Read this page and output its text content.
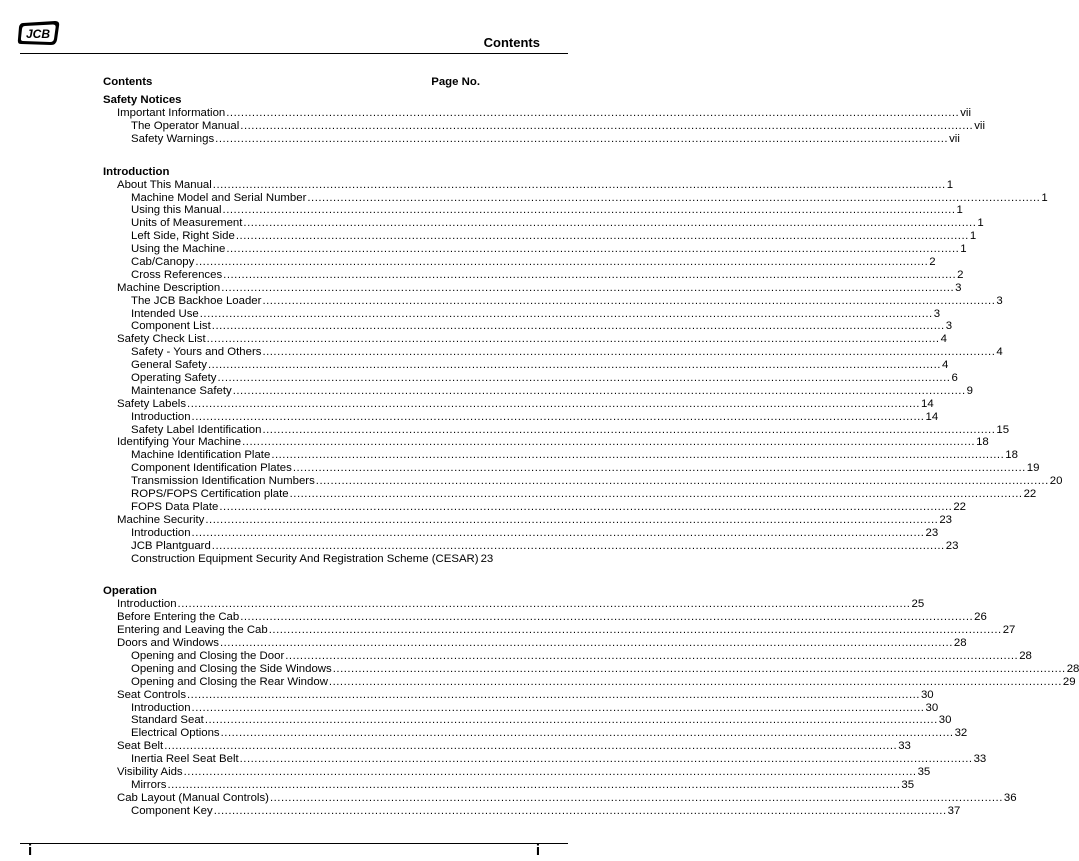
JCB
Contents
Contents	Page No.
Safety Notices
Important Information ........................................................................................................................................................................................................ vii
The Operator Manual ........................................................................................................................................................................................................ vii
Safety Warnings ........................................................................................................................................................................................................ vii
Introduction
About This Manual ........................................................................................................................................................................................................ 1
Machine Model and Serial Number ........................................................................................................................................................................................................ 1
Using this Manual ........................................................................................................................................................................................................ 1
Units of Measurement ........................................................................................................................................................................................................ 1
Left Side, Right Side ........................................................................................................................................................................................................ 1
Using the Machine ........................................................................................................................................................................................................ 1
Cab/Canopy ........................................................................................................................................................................................................ 2
Cross References ........................................................................................................................................................................................................ 2
Machine Description ........................................................................................................................................................................................................ 3
The JCB Backhoe Loader ........................................................................................................................................................................................................ 3
Intended Use ........................................................................................................................................................................................................ 3
Component List ........................................................................................................................................................................................................ 3
Safety Check List ........................................................................................................................................................................................................ 4
Safety - Yours and Others ........................................................................................................................................................................................................ 4
General Safety ........................................................................................................................................................................................................ 4
Operating Safety ........................................................................................................................................................................................................ 6
Maintenance Safety ........................................................................................................................................................................................................ 9
Safety Labels ........................................................................................................................................................................................................ 14
Introduction ........................................................................................................................................................................................................ 14
Safety Label Identification ........................................................................................................................................................................................................ 15
Identifying Your Machine ........................................................................................................................................................................................................ 18
Machine Identification Plate ........................................................................................................................................................................................................ 18
Component Identification Plates ........................................................................................................................................................................................................ 19
Transmission Identification Numbers ........................................................................................................................................................................................................ 20
ROPS/FOPS Certification plate ........................................................................................................................................................................................................ 22
FOPS Data Plate ........................................................................................................................................................................................................ 22
Machine Security ........................................................................................................................................................................................................ 23
Introduction ........................................................................................................................................................................................................ 23
JCB Plantguard ........................................................................................................................................................................................................ 23
Construction Equipment Security And Registration Scheme (CESAR) 23
Operation
Introduction ........................................................................................................................................................................................................ 25
Before Entering the Cab ........................................................................................................................................................................................................ 26
Entering and Leaving the Cab ........................................................................................................................................................................................................ 27
Doors and Windows ........................................................................................................................................................................................................ 28
Opening and Closing the Door ........................................................................................................................................................................................................ 28
Opening and Closing the Side Windows ........................................................................................................................................................................................................ 28
Opening and Closing the Rear Window ........................................................................................................................................................................................................ 29
Seat Controls ........................................................................................................................................................................................................ 30
Introduction ........................................................................................................................................................................................................ 30
Standard Seat ........................................................................................................................................................................................................ 30
Electrical Options ........................................................................................................................................................................................................ 32
Seat Belt ........................................................................................................................................................................................................ 33
Inertia Reel Seat Belt ........................................................................................................................................................................................................ 33
Visibility Aids ........................................................................................................................................................................................................ 35
Mirrors ........................................................................................................................................................................................................ 35
Cab Layout (Manual Controls) ........................................................................................................................................................................................................ 36
Component Key ........................................................................................................................................................................................................ 37
i	i
